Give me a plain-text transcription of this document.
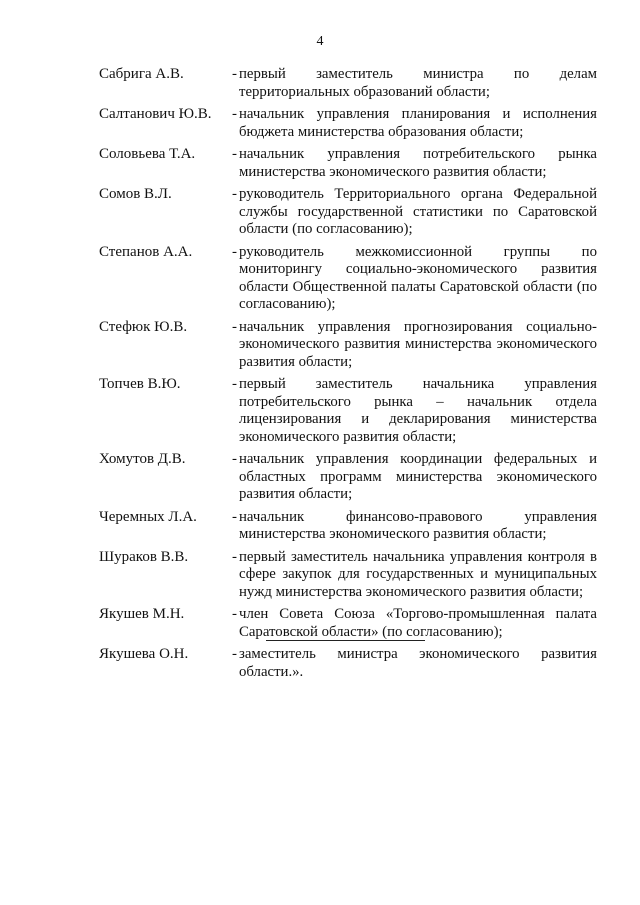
4
Сабрига А.В.	- первый заместитель министра по делам территориальных образований области;
Салтанович Ю.В.	- начальник управления планирования и исполнения бюджета министерства образования области;
Соловьева Т.А.	- начальник управления потребительского рынка министерства экономического развития области;
Сомов В.Л.	- руководитель Территориального органа Федеральной службы государственной статистики по Саратовской области (по согласованию);
Степанов А.А.	- руководитель межкомиссионной группы по мониторингу социально-экономического развития области Общественной палаты Саратовской области (по согласованию);
Стефюк Ю.В.	- начальник управления прогнозирования социально-экономического развития министерства экономического развития области;
Топчев В.Ю.	- первый заместитель начальника управления потребительского рынка – начальник отдела лицензирования и декларирования министерства экономического развития области;
Хомутов Д.В.	- начальник управления координации федеральных и областных программ министерства экономического развития области;
Черемных Л.А.	- начальник финансово-правового управления министерства экономического развития области;
Шураков В.В.	- первый заместитель начальника управления контроля в сфере закупок для государственных и муниципальных нужд министерства экономического развития области;
Якушев М.Н.	- член Совета Союза «Торгово-промышленная палата Саратовской области» (по согласованию);
Якушева О.Н.	- заместитель министра экономического развития области.».
